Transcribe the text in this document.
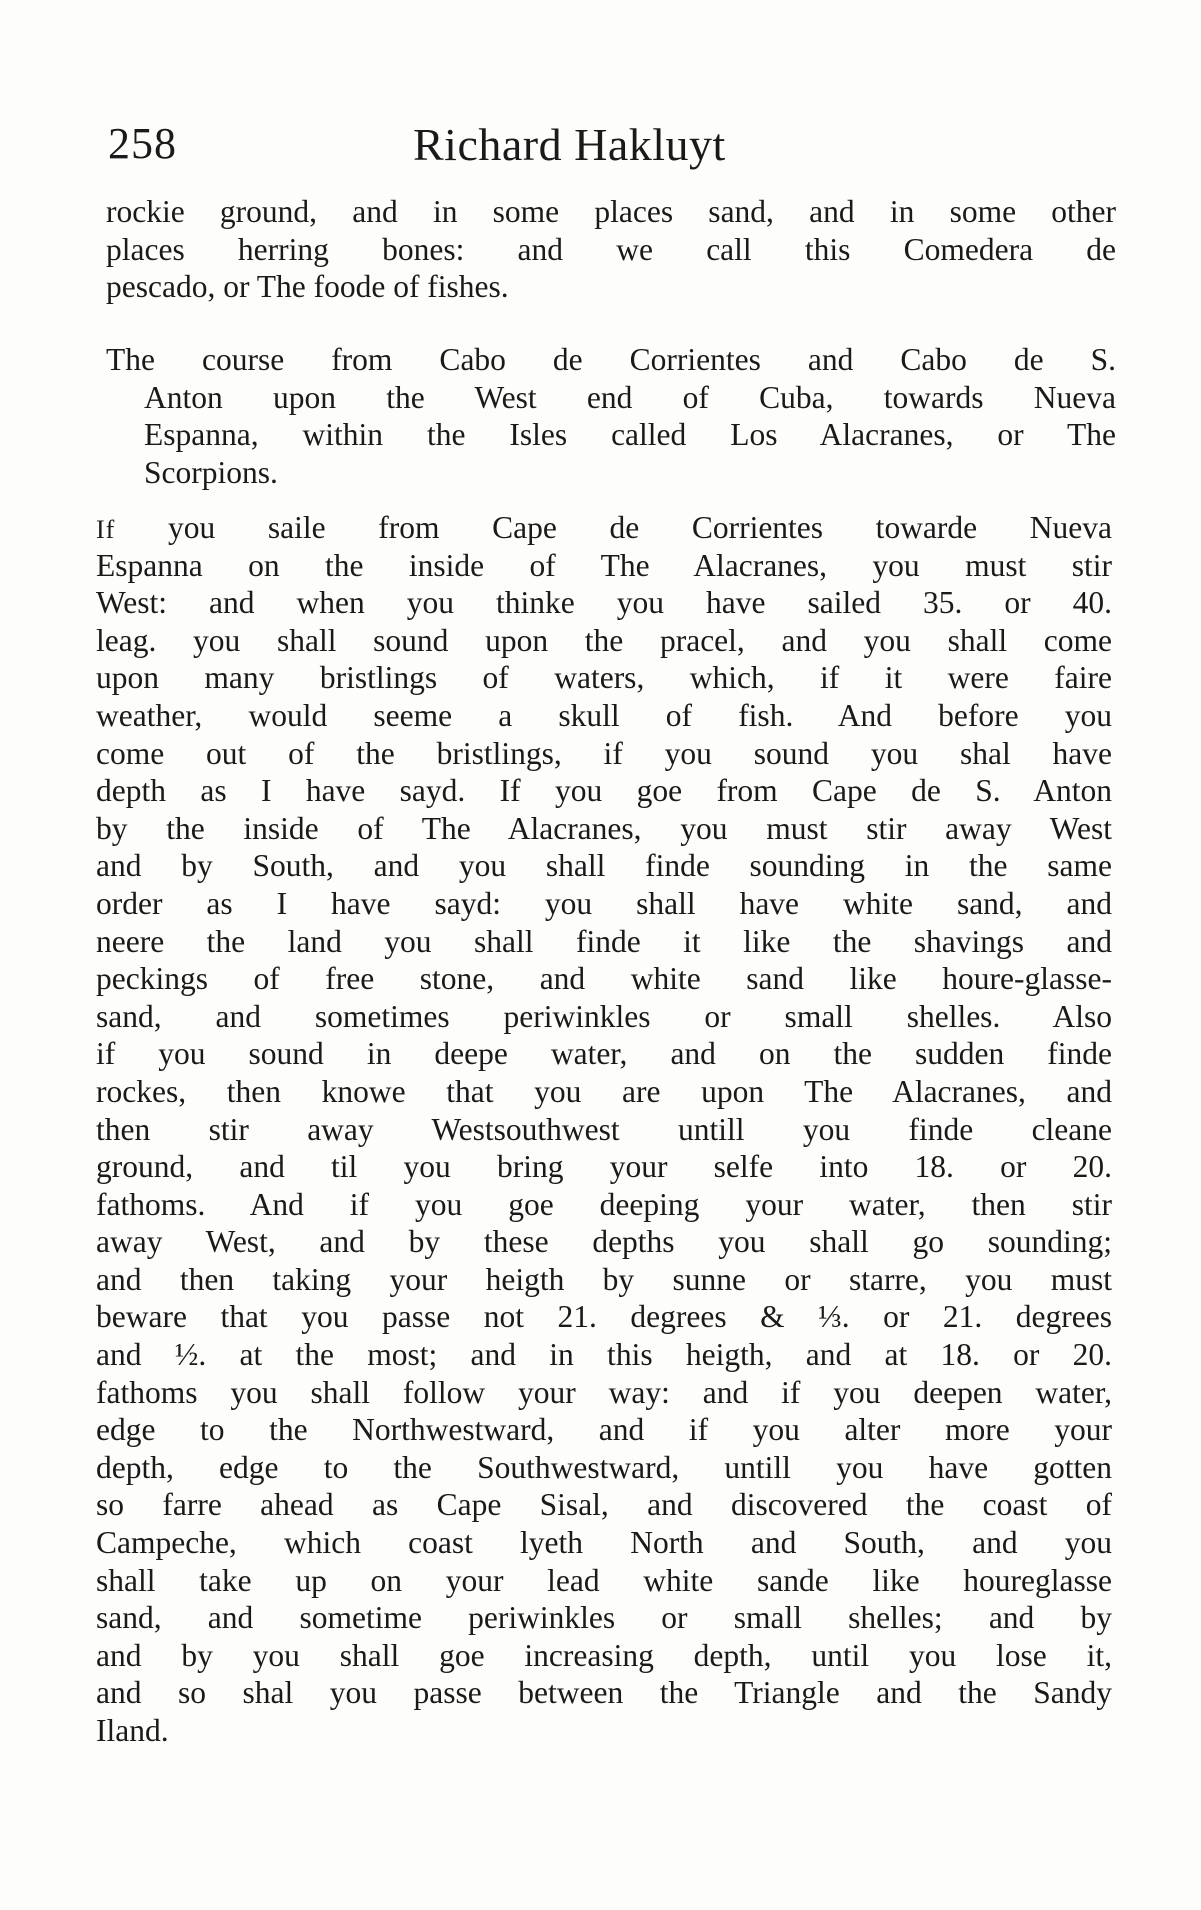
258	Richard Hakluyt
rockie ground, and in some places sand, and in some other
places herring bones: and we call this Comedera de
pescado, or The foode of fishes.
The course from Cabo de Corrientes and Cabo de S.
Anton upon the West end of Cuba, towards Nueva
Espanna, within the Isles called Los Alacranes, or The
Scorpions.
If you saile from Cape de Corrientes towarde Nueva
Espanna on the inside of The Alacranes, you must stir
West: and when you thinke you have sailed 35. or 40.
leag. you shall sound upon the pracel, and you shall come
upon many bristlings of waters, which, if it were faire
weather, would seeme a skull of fish. And before you
come out of the bristlings, if you sound you shal have
depth as I have sayd. If you goe from Cape de S. Anton
by the inside of The Alacranes, you must stir away West
and by South, and you shall finde sounding in the same
order as I have sayd: you shall have white sand, and
neere the land you shall finde it like the shavings and
peckings of free stone, and white sand like houre-glasse-
sand, and sometimes periwinkles or small shelles. Also
if you sound in deepe water, and on the sudden finde
rockes, then knowe that you are upon The Alacranes, and
then stir away Westsouthwest untill you finde cleane
ground, and til you bring your selfe into 18. or 20.
fathoms. And if you goe deeping your water, then stir
away West, and by these depths you shall go sounding;
and then taking your heigth by sunne or starre, you must
beware that you passe not 21. degrees & ⅓. or 21. degrees
and ½. at the most; and in this heigth, and at 18. or 20.
fathoms you shall follow your way: and if you deepen water,
edge to the Northwestward, and if you alter more your
depth, edge to the Southwestward, untill you have gotten
so farre ahead as Cape Sisal, and discovered the coast of
Campeche, which coast lyeth North and South, and you
shall take up on your lead white sande like houreglasse
sand, and sometime periwinkles or small shelles; and by
and by you shall goe increasing depth, until you lose it,
and so shal you passe between the Triangle and the Sandy
Iland.
